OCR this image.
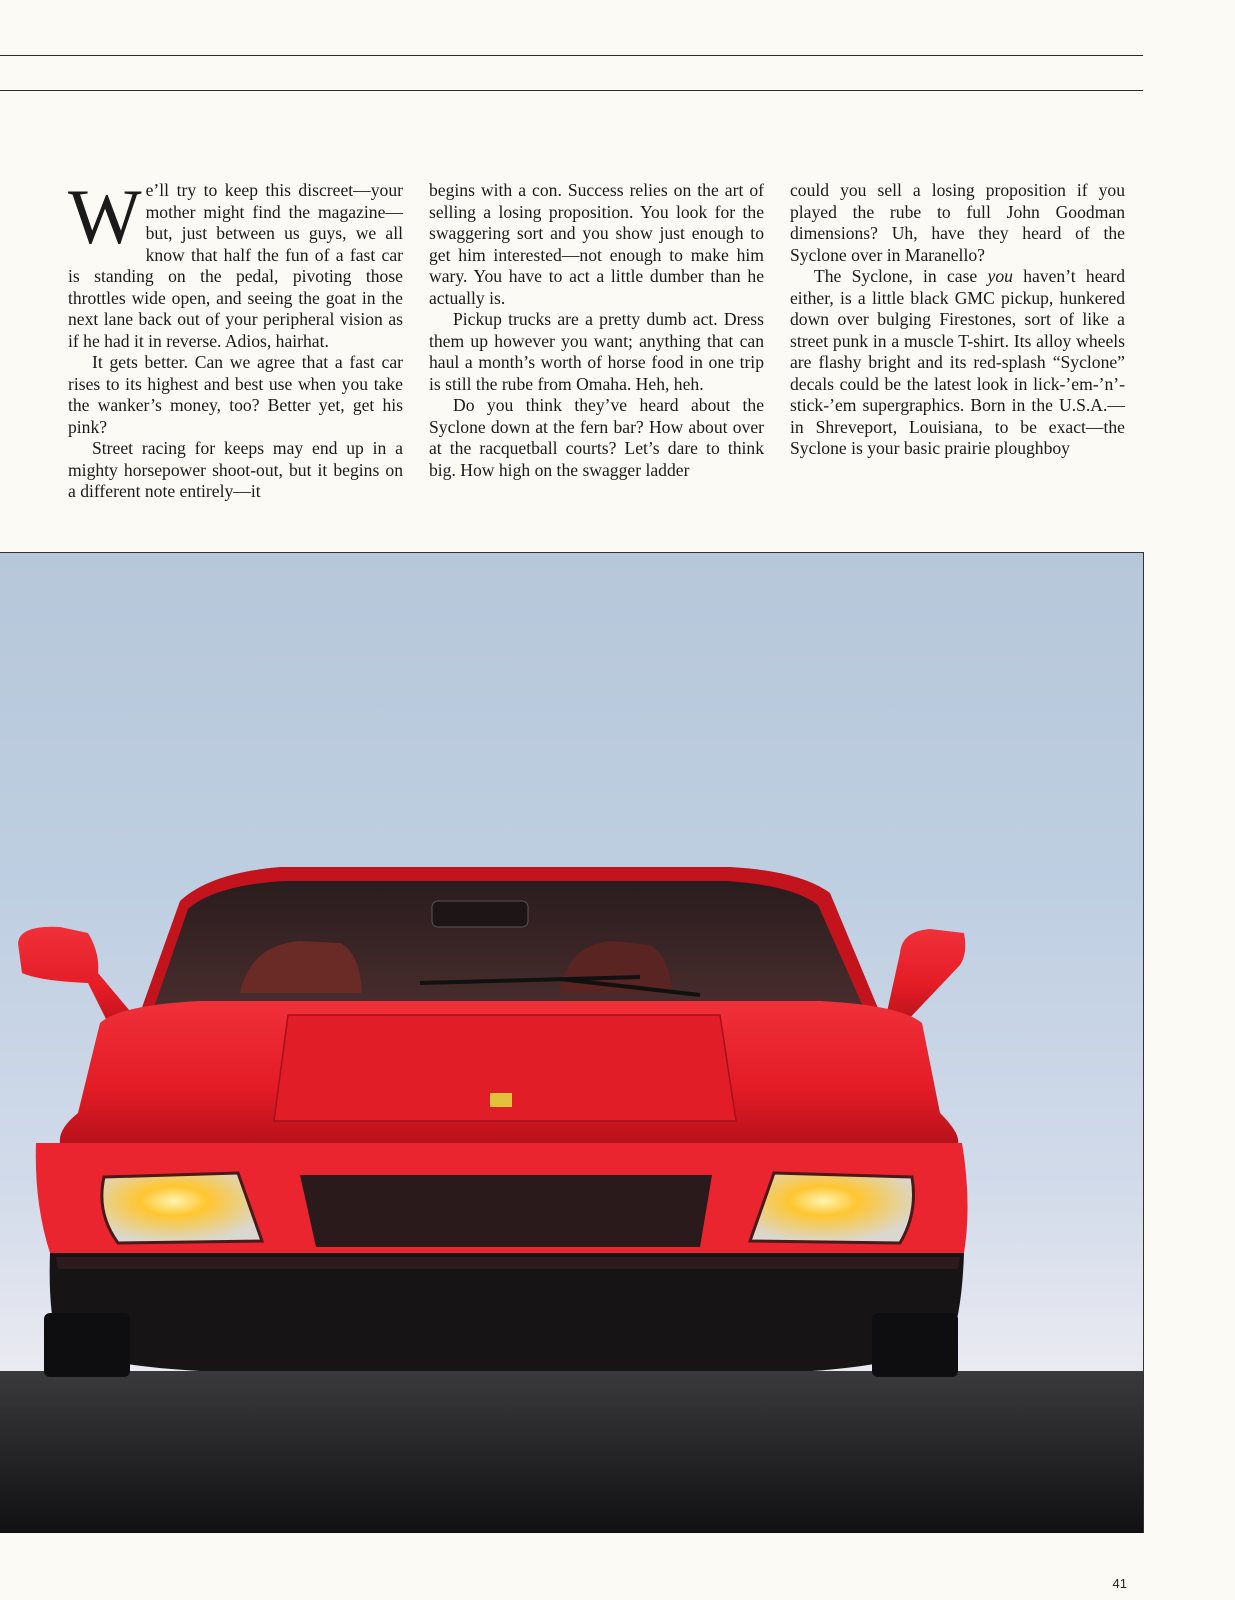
We’ll try to keep this discreet—your mother might find the magazine—but, just between us guys, we all know that half the fun of a fast car is standing on the pedal, pivoting those throttles wide open, and seeing the goat in the next lane back out of your peripheral vision as if he had it in reverse. Adios, hairhat.

It gets better. Can we agree that a fast car rises to its highest and best use when you take the wanker’s money, too? Better yet, get his pink?

Street racing for keeps may end up in a mighty horsepower shoot-out, but it begins on a different note entirely—it

begins with a con. Success relies on the art of selling a losing proposition. You look for the swaggering sort and you show just enough to get him interested—not enough to make him wary. You have to act a little dumber than he actually is.

Pickup trucks are a pretty dumb act. Dress them up however you want; anything that can haul a month’s worth of horse food in one trip is still the rube from Omaha. Heh, heh.

Do you think they’ve heard about the Syclone down at the fern bar? How about over at the racquetball courts? Let’s dare to think big. How high on the swagger ladder

could you sell a losing proposition if you played the rube to full John Goodman dimensions? Uh, have they heard of the Syclone over in Maranello?

The Syclone, in case you haven’t heard either, is a little black GMC pickup, hunkered down over bulging Firestones, sort of like a street punk in a muscle T-shirt. Its alloy wheels are flashy bright and its red-splash “Syclone” decals could be the latest look in lick-’em-’n’-stick-’em supergraphics. Born in the U.S.A.—in Shreveport, Louisiana, to be exact—the Syclone is your basic prairie ploughboy

41
